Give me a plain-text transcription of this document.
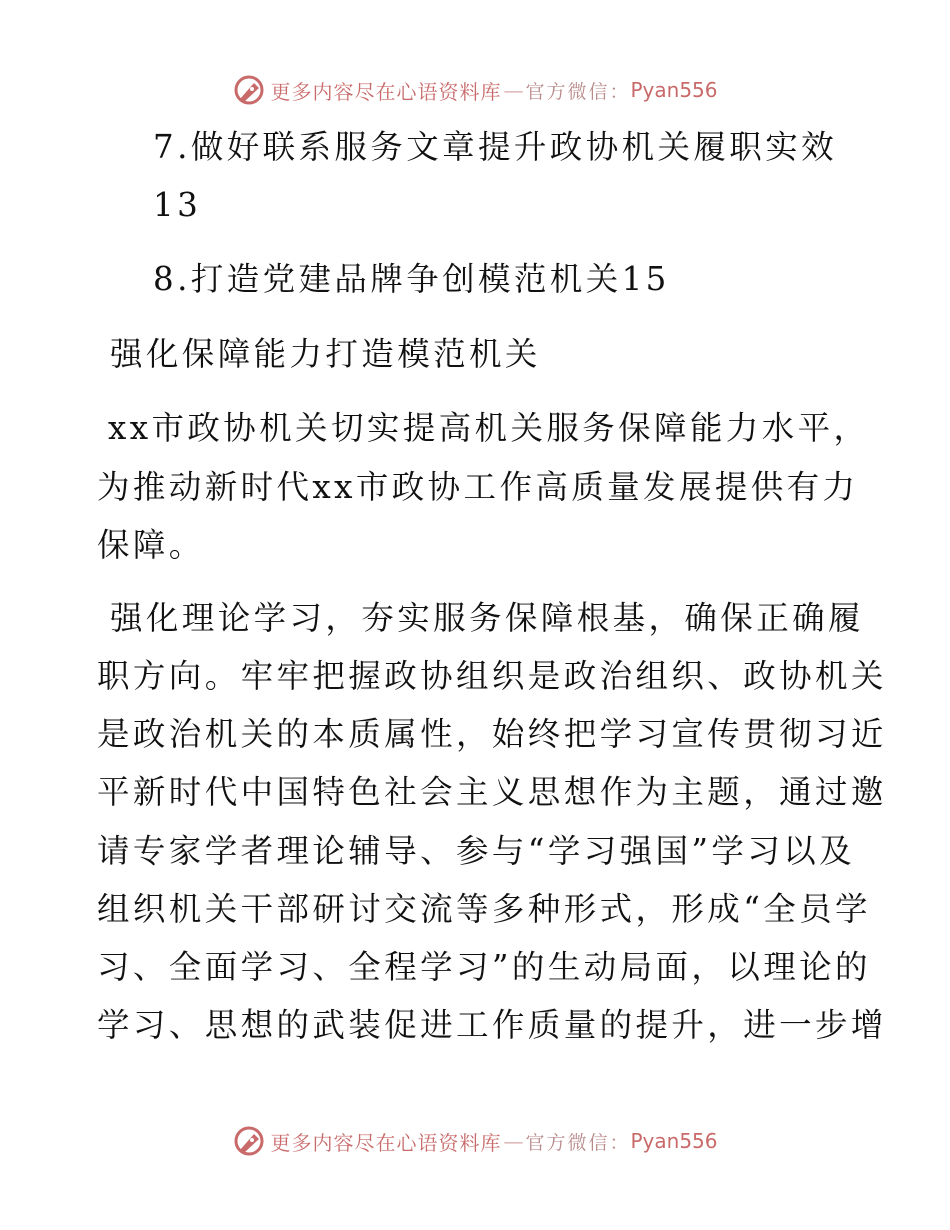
更多内容尽在心语资料库 — 官方微信： Pyan556
7.做好联系服务文章提升政协机关履职实效
13
8.打造党建品牌争创模范机关15
强化保障能力打造模范机关
xx市政协机关切实提高机关服务保障能力水平，
为推动新时代xx市政协工作高质量发展提供有力
保障。
强化理论学习，夯实服务保障根基，确保正确履
职方向。牢牢把握政协组织是政治组织、政协机关
是政治机关的本质属性，始终把学习宣传贯彻习近
平新时代中国特色社会主义思想作为主题，通过邀
请专家学者理论辅导、参与“学习强国”学习以及
组织机关干部研讨交流等多种形式，形成“全员学
习、全面学习、全程学习”的生动局面，以理论的
学习、思想的武装促进工作质量的提升，进一步增
更多内容尽在心语资料库 — 官方微信： Pyan556
